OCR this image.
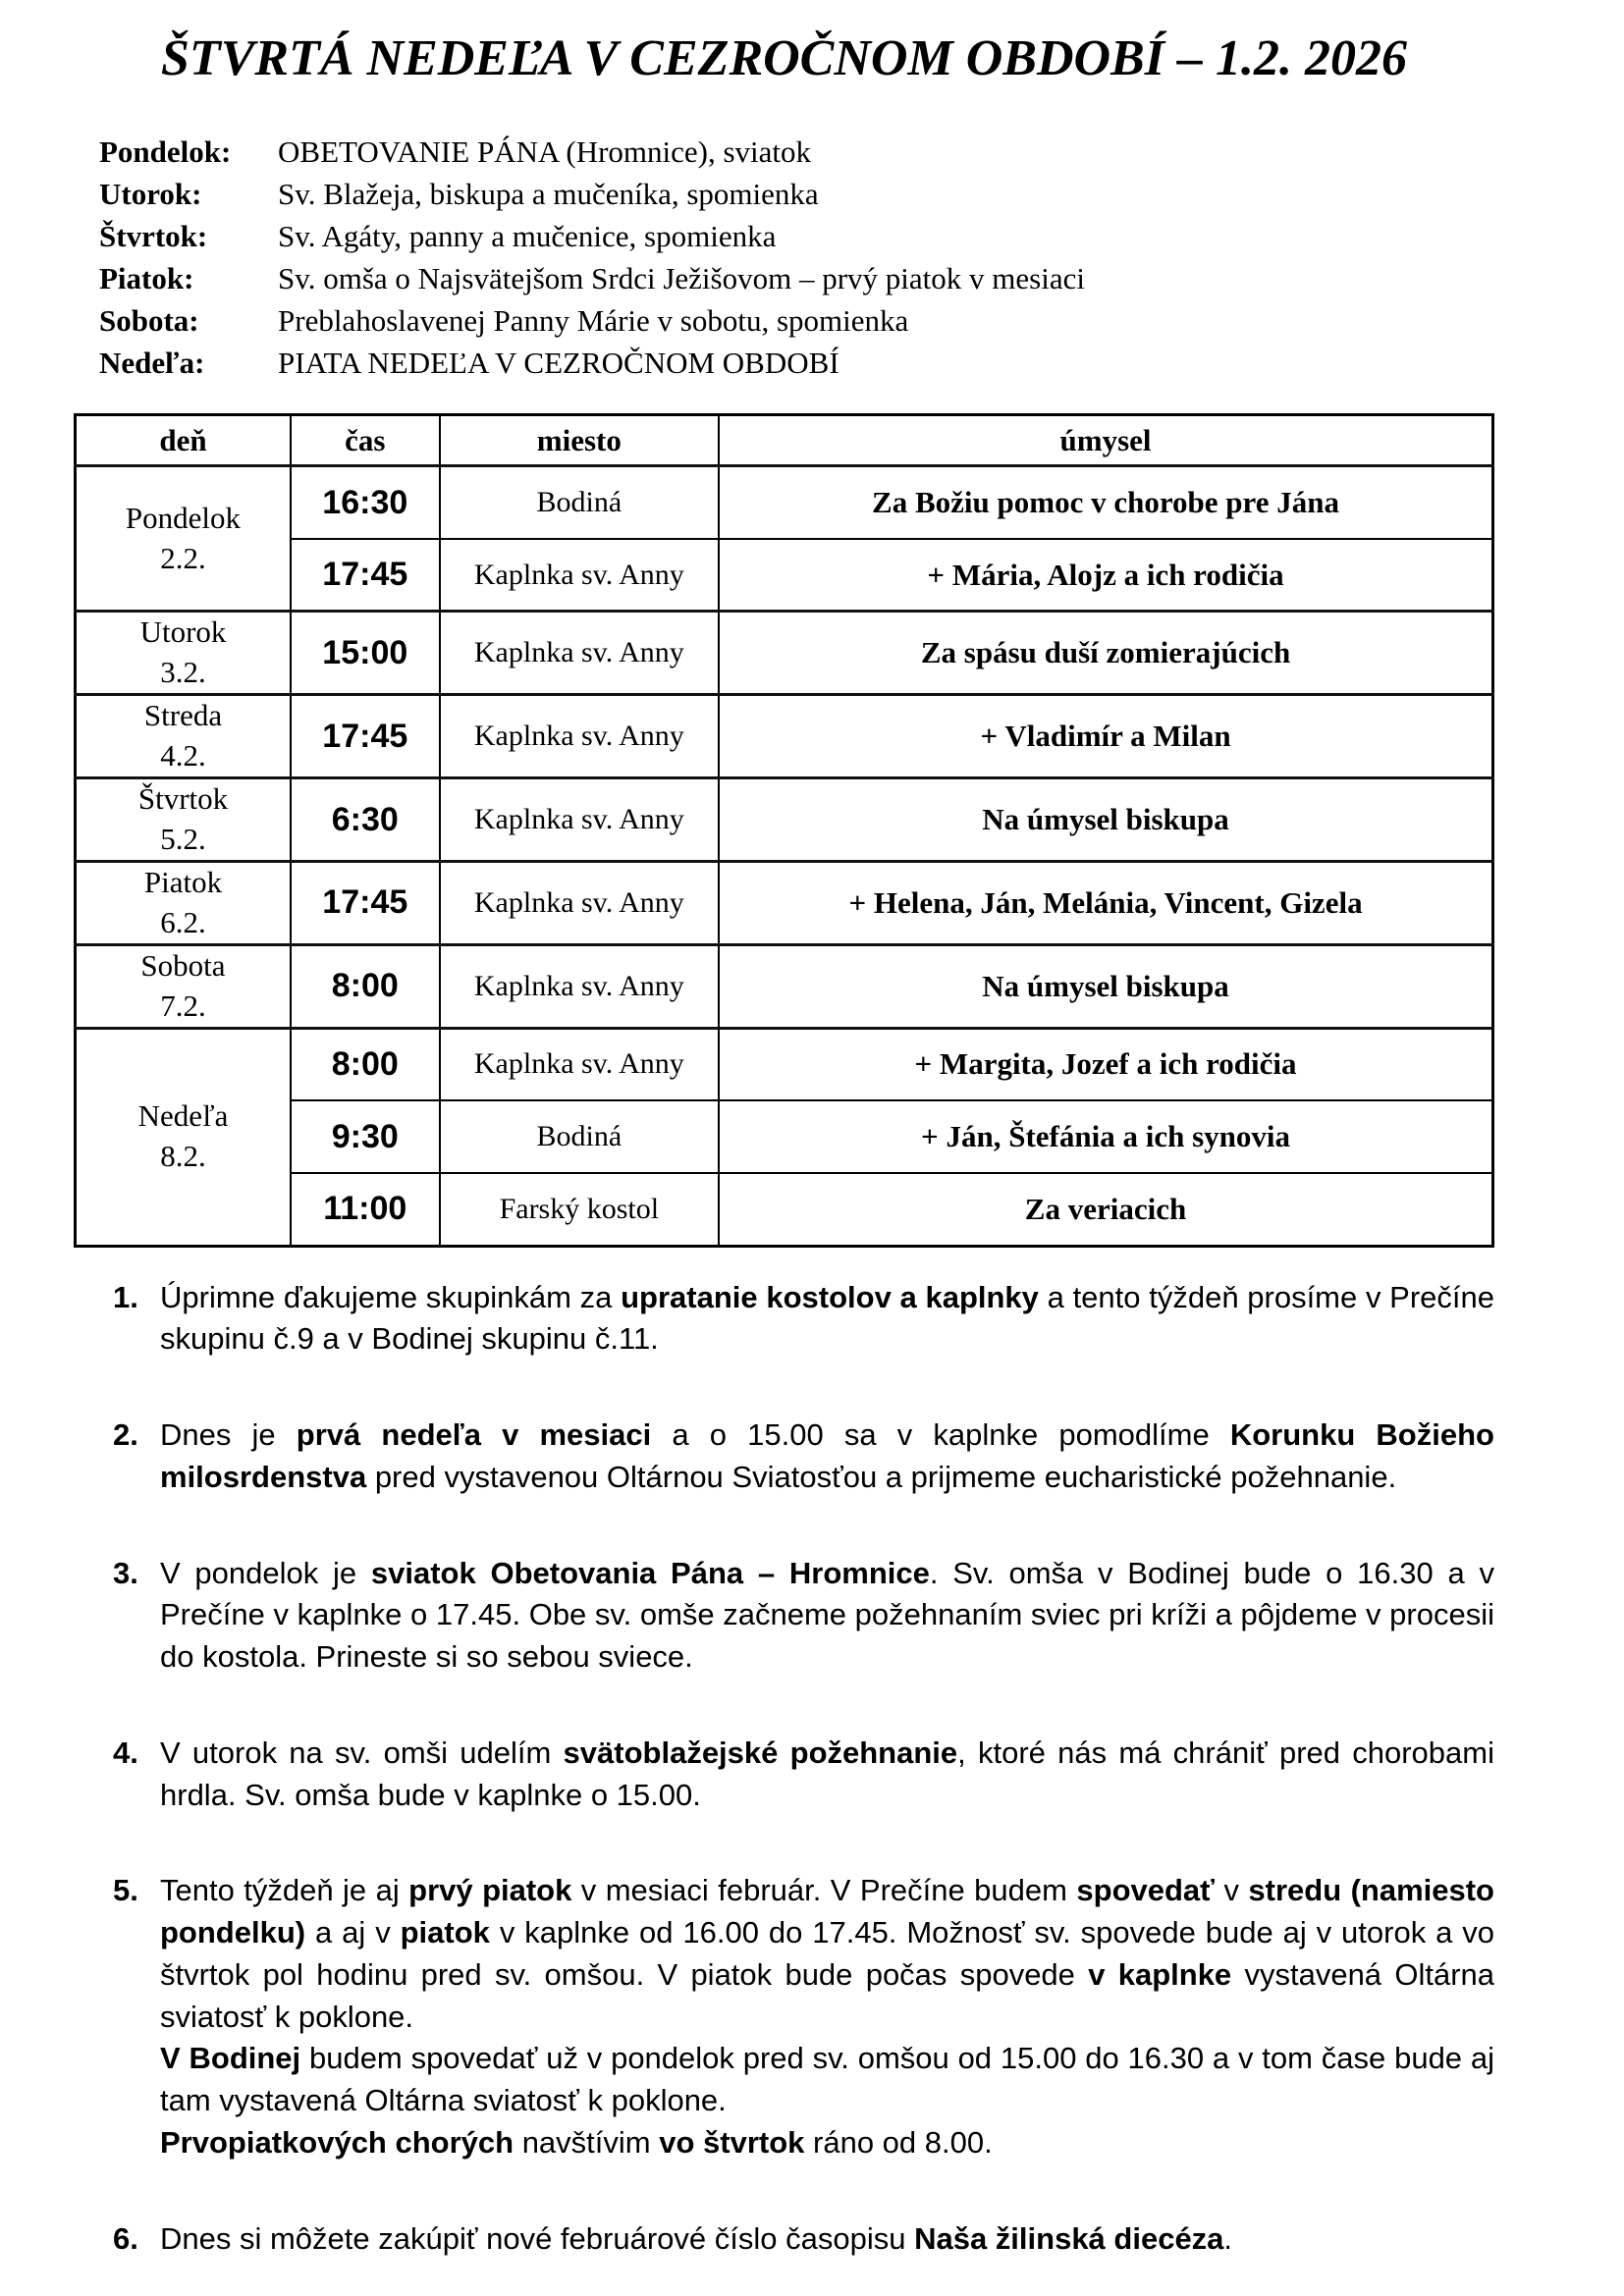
ŠTVRTÁ NEDEĽA V CEZROČNOM OBDOBÍ – 1.2. 2026
Pondelok:	OBETOVANIE PÁNA (Hromnice), sviatok
Utorok:	Sv. Blažeja, biskupa a mučeníka, spomienka
Štvrtok:	Sv. Agáty, panny a mučenice, spomienka
Piatok:	Sv. omša o Najsvätejšom Srdci Ježišovom – prvý piatok v mesiaci
Sobota:	Preblahoslavenej Panny Márie v sobotu, spomienka
Nedeľa:	PIATA NEDEĽA V CEZROČNOM OBDOBÍ
deň	čas	miesto	úmysel

Pondelok
2.2.	16:30	Bodiná	Za Božiu pomoc v chorobe pre Jána
	17:45	Kaplnka sv. Anny	+ Mária, Alojz a ich rodičia

Utorok
3.2.	15:00	Kaplnka sv. Anny	Za spásu duší zomierajúcich

Streda
4.2.	17:45	Kaplnka sv. Anny	+ Vladimír a Milan

Štvrtok
5.2.	6:30	Kaplnka sv. Anny	Na úmysel biskupa

Piatok
6.2.	17:45	Kaplnka sv. Anny	+ Helena, Ján, Melánia, Vincent, Gizela

Sobota
7.2.	8:00	Kaplnka sv. Anny	Na úmysel biskupa

Nedeľa
8.2.	8:00	Kaplnka sv. Anny	+ Margita, Jozef a ich rodičia
	9:30	Bodiná	+ Ján, Štefánia a ich synovia
	11:00	Farský kostol	Za veriacich
1. Úprimne ďakujeme skupinkám za upratanie kostolov a kaplnky a tento týždeň prosíme v Prečíne skupinu č.9 a v Bodinej skupinu č.11.
2. Dnes je prvá nedeľa v mesiaci a o 15.00 sa v kaplnke pomodlíme Korunku Božieho milosrdenstva pred vystavenou Oltárnou Sviatosťou a prijmeme eucharistické požehnanie.
3. V pondelok je sviatok Obetovania Pána – Hromnice. Sv. omša v Bodinej bude o 16.30 a v Prečíne v kaplnke o 17.45. Obe sv. omše začneme požehnaním sviec pri kríži a pôjdeme v procesii do kostola. Prineste si so sebou sviece.
4. V utorok na sv. omši udelím svätoblažejské požehnanie, ktoré nás má chrániť pred chorobami hrdla. Sv. omša bude v kaplnke o 15.00.
5. Tento týždeň je aj prvý piatok v mesiaci február. V Prečíne budem spovedať v stredu (namiesto pondelku) a aj v piatok v kaplnke od 16.00 do 17.45. Možnosť sv. spovede bude aj v utorok a vo štvrtok pol hodinu pred sv. omšou. V piatok bude počas spovede v kaplnke vystavená Oltárna sviatosť k poklone.
V Bodinej budem spovedať už v pondelok pred sv. omšou od 15.00 do 16.30 a v tom čase bude aj tam vystavená Oltárna sviatosť k poklone.
Prvopiatkových chorých navštívim vo štvrtok ráno od 8.00.
6. Dnes si môžete zakúpiť nové februárové číslo časopisu Naša žilinská diecéza.
